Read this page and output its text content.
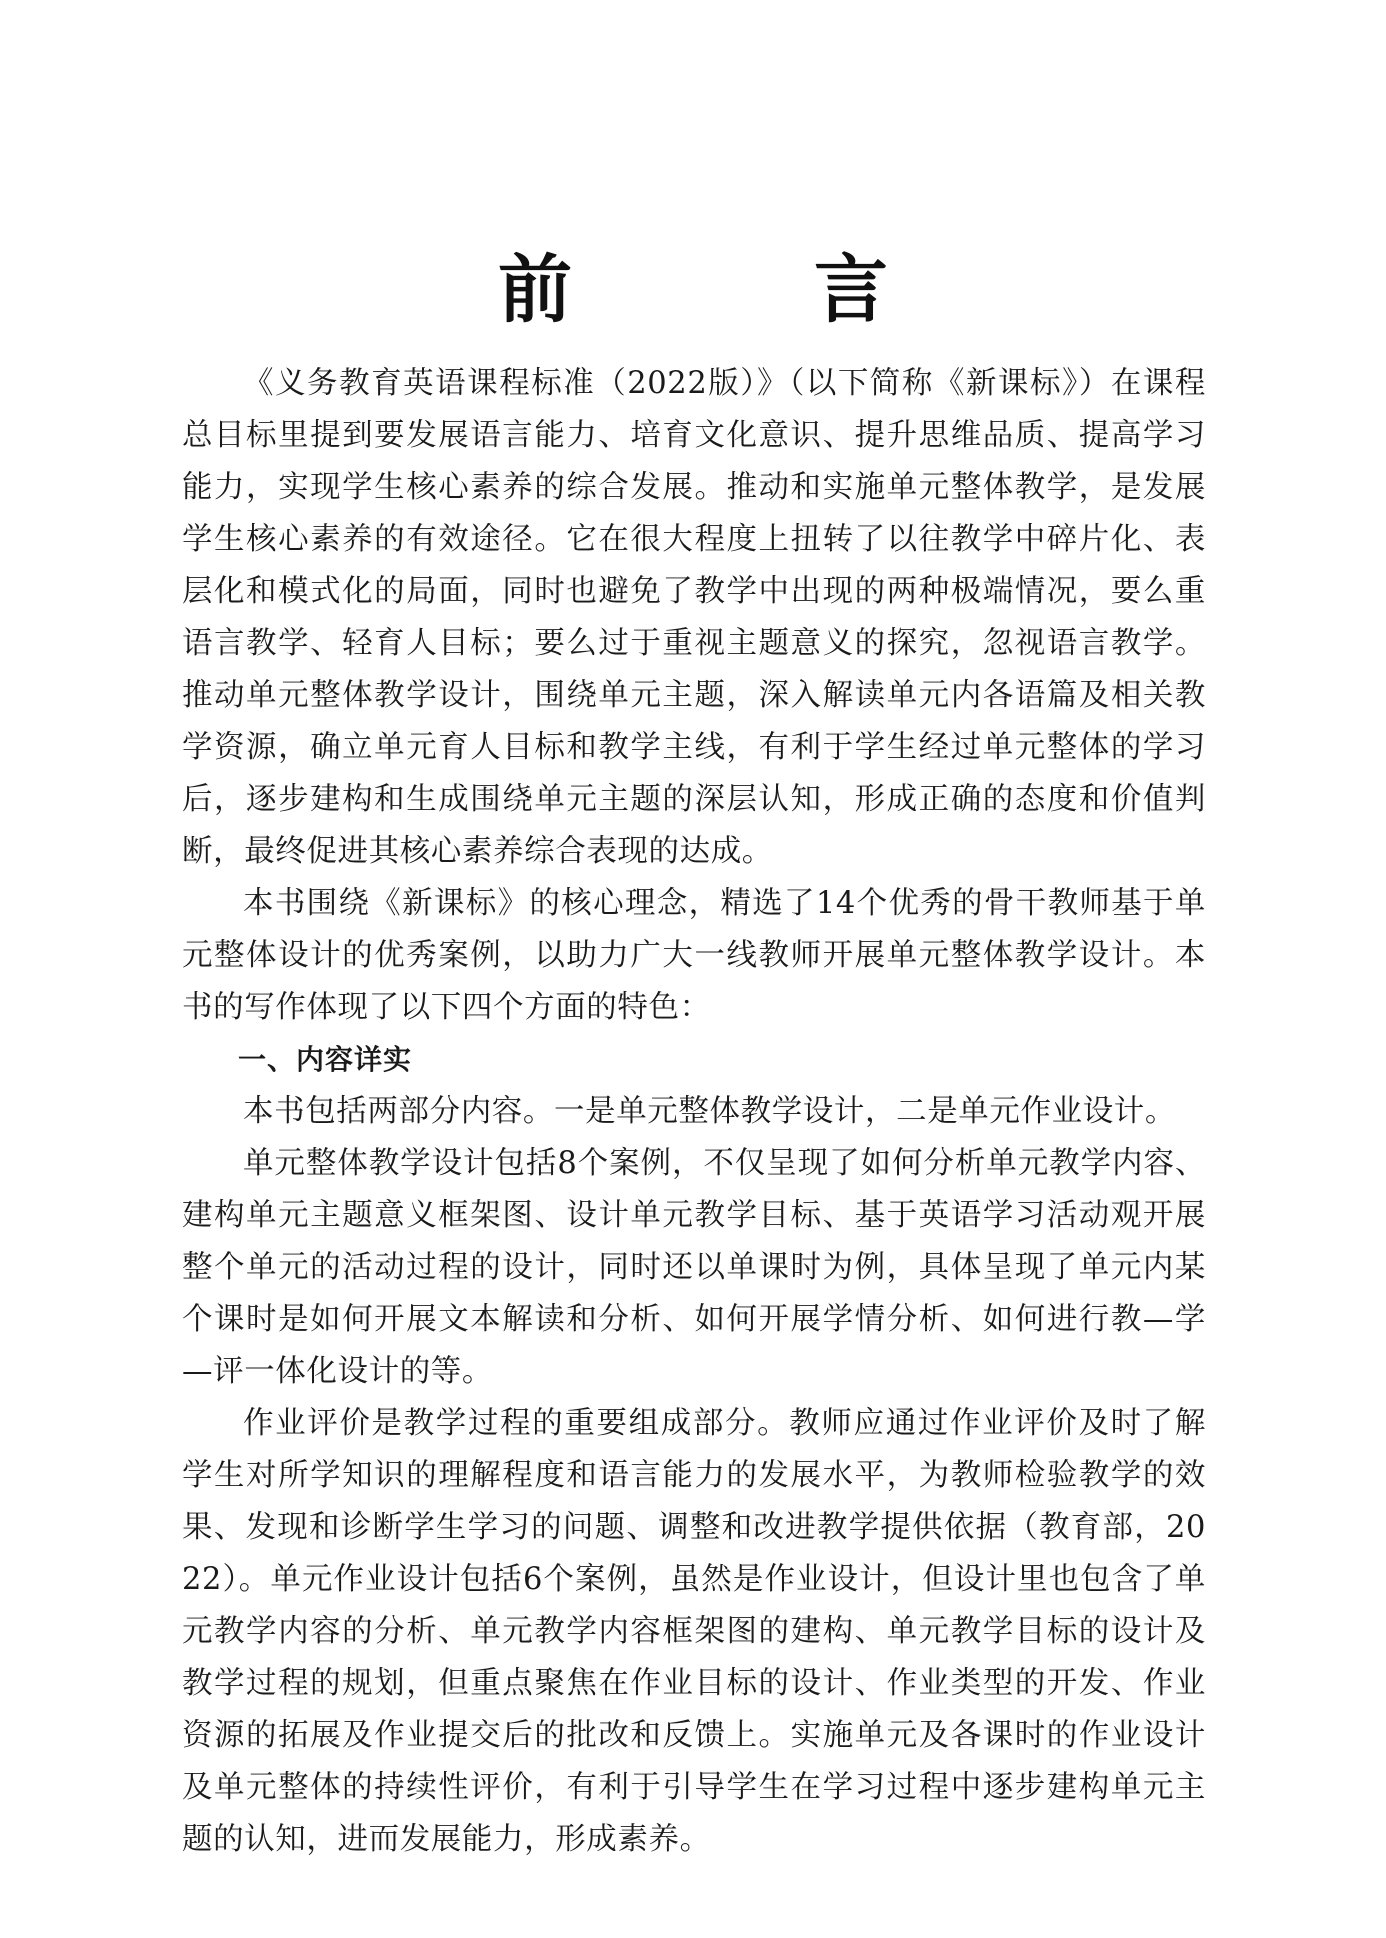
前　言

《义务教育英语课程标准（2022版）》（以下简称《新课标》）在课程总目标里提到要发展语言能力、培育文化意识、提升思维品质、提高学习能力，实现学生核心素养的综合发展。推动和实施单元整体教学，是发展学生核心素养的有效途径。它在很大程度上扭转了以往教学中碎片化、表层化和模式化的局面，同时也避免了教学中出现的两种极端情况，要么重语言教学、轻育人目标；要么过于重视主题意义的探究，忽视语言教学。推动单元整体教学设计，围绕单元主题，深入解读单元内各语篇及相关教学资源，确立单元育人目标和教学主线，有利于学生经过单元整体的学习后，逐步建构和生成围绕单元主题的深层认知，形成正确的态度和价值判断，最终促进其核心素养综合表现的达成。

本书围绕《新课标》的核心理念，精选了14个优秀的骨干教师基于单元整体设计的优秀案例，以助力广大一线教师开展单元整体教学设计。本书的写作体现了以下四个方面的特色：

一、内容详实

本书包括两部分内容。一是单元整体教学设计，二是单元作业设计。

单元整体教学设计包括8个案例，不仅呈现了如何分析单元教学内容、建构单元主题意义框架图、设计单元教学目标、基于英语学习活动观开展整个单元的活动过程的设计，同时还以单课时为例，具体呈现了单元内某个课时是如何开展文本解读和分析、如何开展学情分析、如何进行教—学—评一体化设计的等。

作业评价是教学过程的重要组成部分。教师应通过作业评价及时了解学生对所学知识的理解程度和语言能力的发展水平，为教师检验教学的效果、发现和诊断学生学习的问题、调整和改进教学提供依据（教育部，2022）。单元作业设计包括6个案例，虽然是作业设计，但设计里也包含了单元教学内容的分析、单元教学内容框架图的建构、单元教学目标的设计及教学过程的规划，但重点聚焦在作业目标的设计、作业类型的开发、作业资源的拓展及作业提交后的批改和反馈上。实施单元及各课时的作业设计及单元整体的持续性评价，有利于引导学生在学习过程中逐步建构单元主题的认知，进而发展能力，形成素养。
